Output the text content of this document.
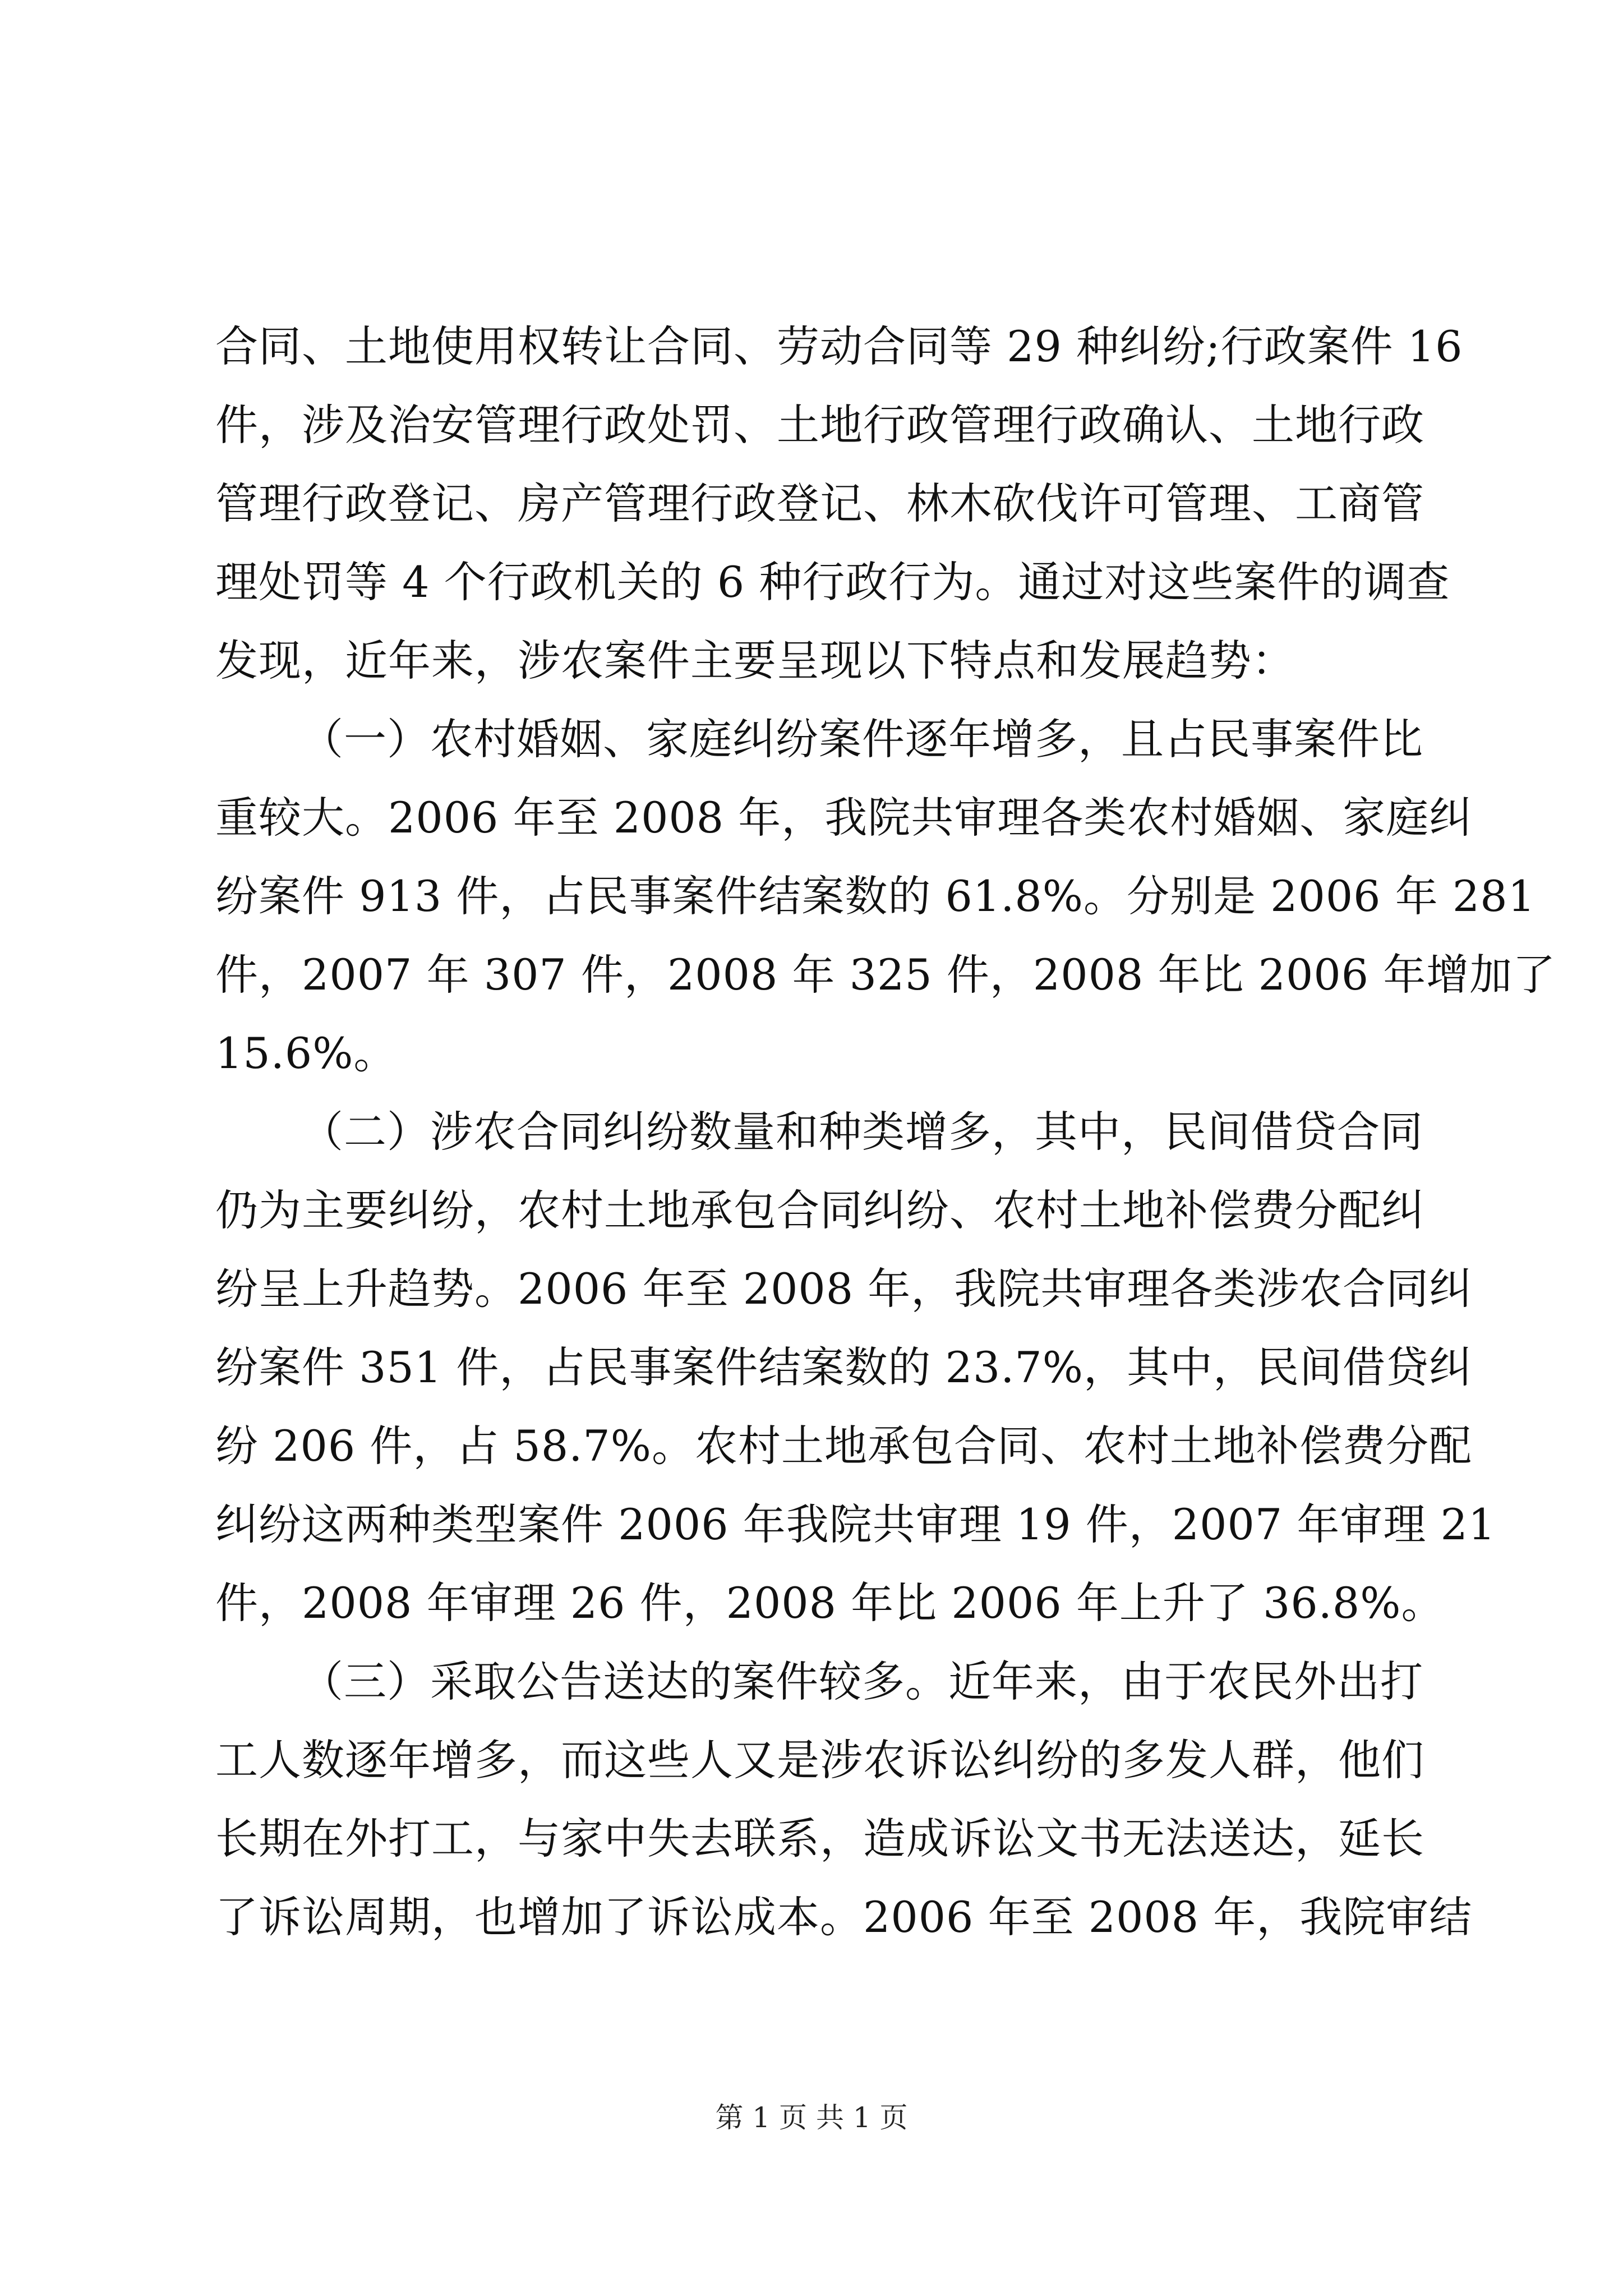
合同、土地使用权转让合同、劳动合同等 29 种纠纷;行政案件 16
件，涉及治安管理行政处罚、土地行政管理行政确认、土地行政
管理行政登记、房产管理行政登记、林木砍伐许可管理、工商管
理处罚等 4 个行政机关的 6 种行政行为。通过对这些案件的调查
发现，近年来，涉农案件主要呈现以下特点和发展趋势：
（一）农村婚姻、家庭纠纷案件逐年增多，且占民事案件比
重较大。2006 年至 2008 年，我院共审理各类农村婚姻、家庭纠
纷案件 913 件，占民事案件结案数的 61.8%。分别是 2006 年 281
件，2007 年 307 件，2008 年 325 件，2008 年比 2006 年增加了
15.6%。
（二）涉农合同纠纷数量和种类增多，其中，民间借贷合同
仍为主要纠纷，农村土地承包合同纠纷、农村土地补偿费分配纠
纷呈上升趋势。2006 年至 2008 年，我院共审理各类涉农合同纠
纷案件 351 件，占民事案件结案数的 23.7%，其中，民间借贷纠
纷 206 件，占 58.7%。农村土地承包合同、农村土地补偿费分配
纠纷这两种类型案件 2006 年我院共审理 19 件，2007 年审理 21
件，2008 年审理 26 件，2008 年比 2006 年上升了 36.8%。
（三）采取公告送达的案件较多。近年来，由于农民外出打
工人数逐年增多，而这些人又是涉农诉讼纠纷的多发人群，他们
长期在外打工，与家中失去联系，造成诉讼文书无法送达，延长
了诉讼周期，也增加了诉讼成本。2006 年至 2008 年，我院审结
第 1 页 共 1 页
